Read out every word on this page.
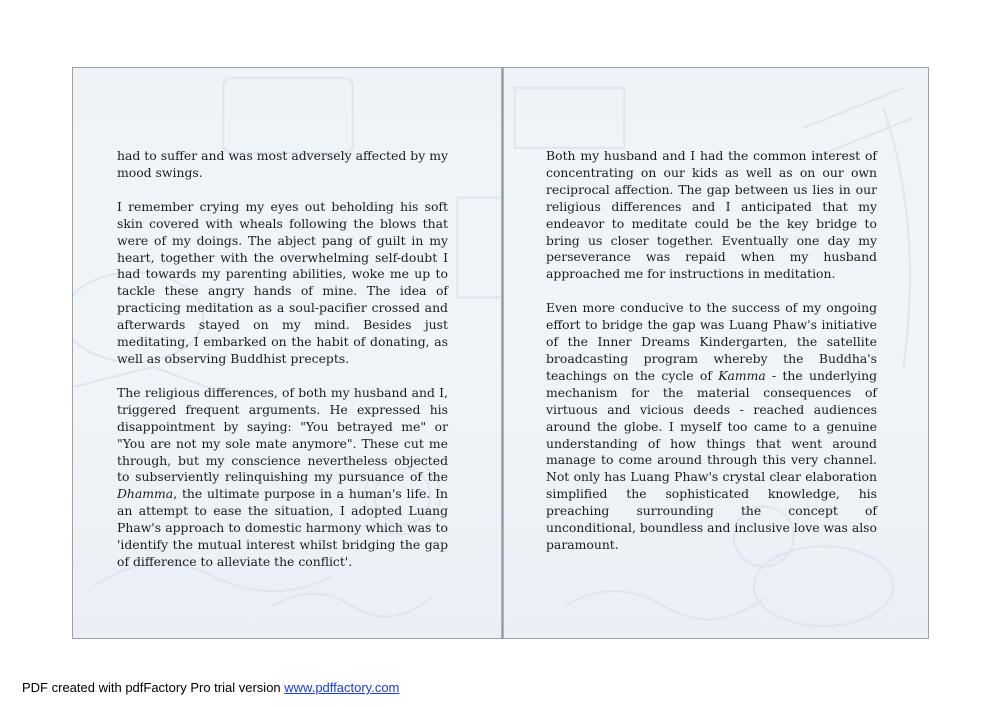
had to suffer and was most adversely affected by my mood swings.

I remember crying my eyes out beholding his soft skin covered with wheals following the blows that were of my doings. The abject pang of guilt in my heart, together with the overwhelming self-doubt I had towards my parenting abilities, woke me up to tackle these angry hands of mine. The idea of practicing meditation as a soul-pacifier crossed and afterwards stayed on my mind. Besides just meditating, I embarked on the habit of donating, as well as observing Buddhist precepts.

The religious differences, of both my husband and I, triggered frequent arguments. He expressed his disappointment by saying: "You betrayed me" or "You are not my sole mate anymore". These cut me through, but my conscience nevertheless objected to subserviently relinquishing my pursuance of the Dhamma, the ultimate purpose in a human's life. In an attempt to ease the situation, I adopted Luang Phaw's approach to domestic harmony which was to 'identify the mutual interest whilst bridging the gap of difference to alleviate the conflict'.

Both my husband and I had the common interest of concentrating on our kids as well as on our own reciprocal affection. The gap between us lies in our religious differences and I anticipated that my endeavor to meditate could be the key bridge to bring us closer together. Eventually one day my perseverance was repaid when my husband approached me for instructions in meditation.

Even more conducive to the success of my ongoing effort to bridge the gap was Luang Phaw's initiative of the Inner Dreams Kindergarten, the satellite broadcasting program whereby the Buddha's teachings on the cycle of Kamma - the underlying mechanism for the material consequences of virtuous and vicious deeds - reached audiences around the globe. I myself too came to a genuine understanding of how things that went around manage to come around through this very channel. Not only has Luang Phaw's crystal clear elaboration simplified the sophisticated knowledge, his preaching surrounding the concept of unconditional, boundless and inclusive love was also paramount.

PDF created with pdfFactory Pro trial version www.pdffactory.com
